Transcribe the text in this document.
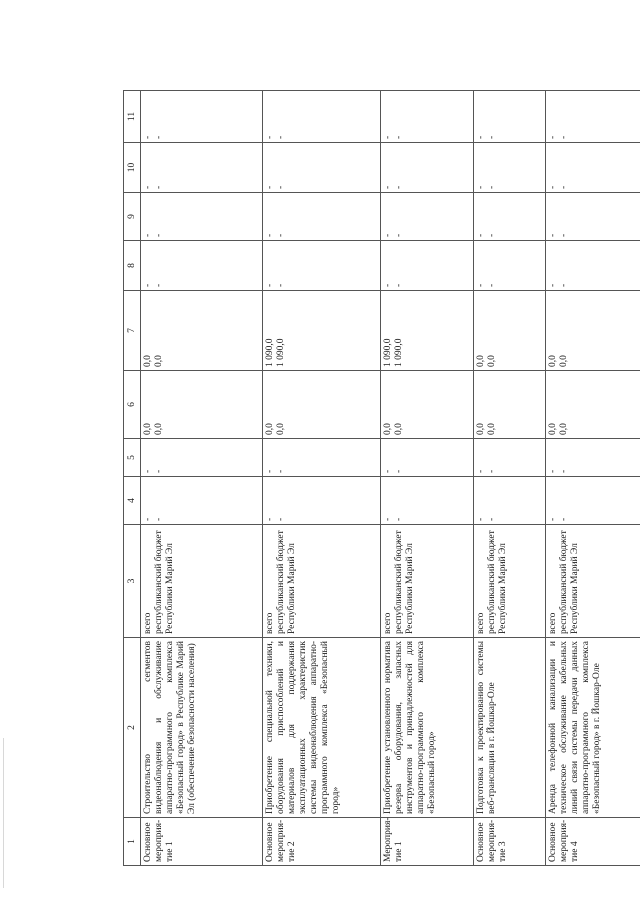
1	2	3	4	5	6	7	8	9	10	11
Основное мероприя-тие 1	Строительство сегментов видеонаблюдения и обслуживание аппаратно-программного комплекса «Безопасный город» в Республике Марий Эл (обеспечение безопасности населения)	всего республиканский бюджет Республики Марий Эл	- -	- -	0,0 0,0	0,0 0,0	- -	- -	- -	- -

Основное мероприя-тие 2	Приобретение специальной техники, оборудования приспособлений и материалов для поддержания эксплуатационных характеристик системы видеонаблюдения аппаратно-программного комплекса «Безопасный город»	всего республиканский бюджет Республики Марий Эл	- -	- -	0,0 0,0	1 090,0 1 090,0	- -	- -	- -	- -

Мероприя-тие 1	Приобретение установленного норматива резерва оборудования, запасных инструментов и принадлежностей для аппаратно-программного комплекса «Безопасный город»	всего республиканский бюджет Республики Марий Эл	- -	- -	0,0 0,0	1 090,0 1 090,0	- -	- -	- -	- -

Основное мероприя-тие 3	Подготовка к проектированию системы веб-трансляции в г. Йошкар-Оле	всего республиканский бюджет Республики Марий Эл	- -	- -	0,0 0,0	0,0 0,0	- -	- -	- -	- -

Основное мероприя-тие 4	Аренда телефонной канализации и техническое обслуживание кабельных линий связи системы передачи данных аппаратно-программного комплекса «Безопасный город» в г. Йошкар-Оле	всего республиканский бюджет Республики Марий Эл	- -	- -	0,0 0,0	0,0 0,0	- -	- -	- -	- -
